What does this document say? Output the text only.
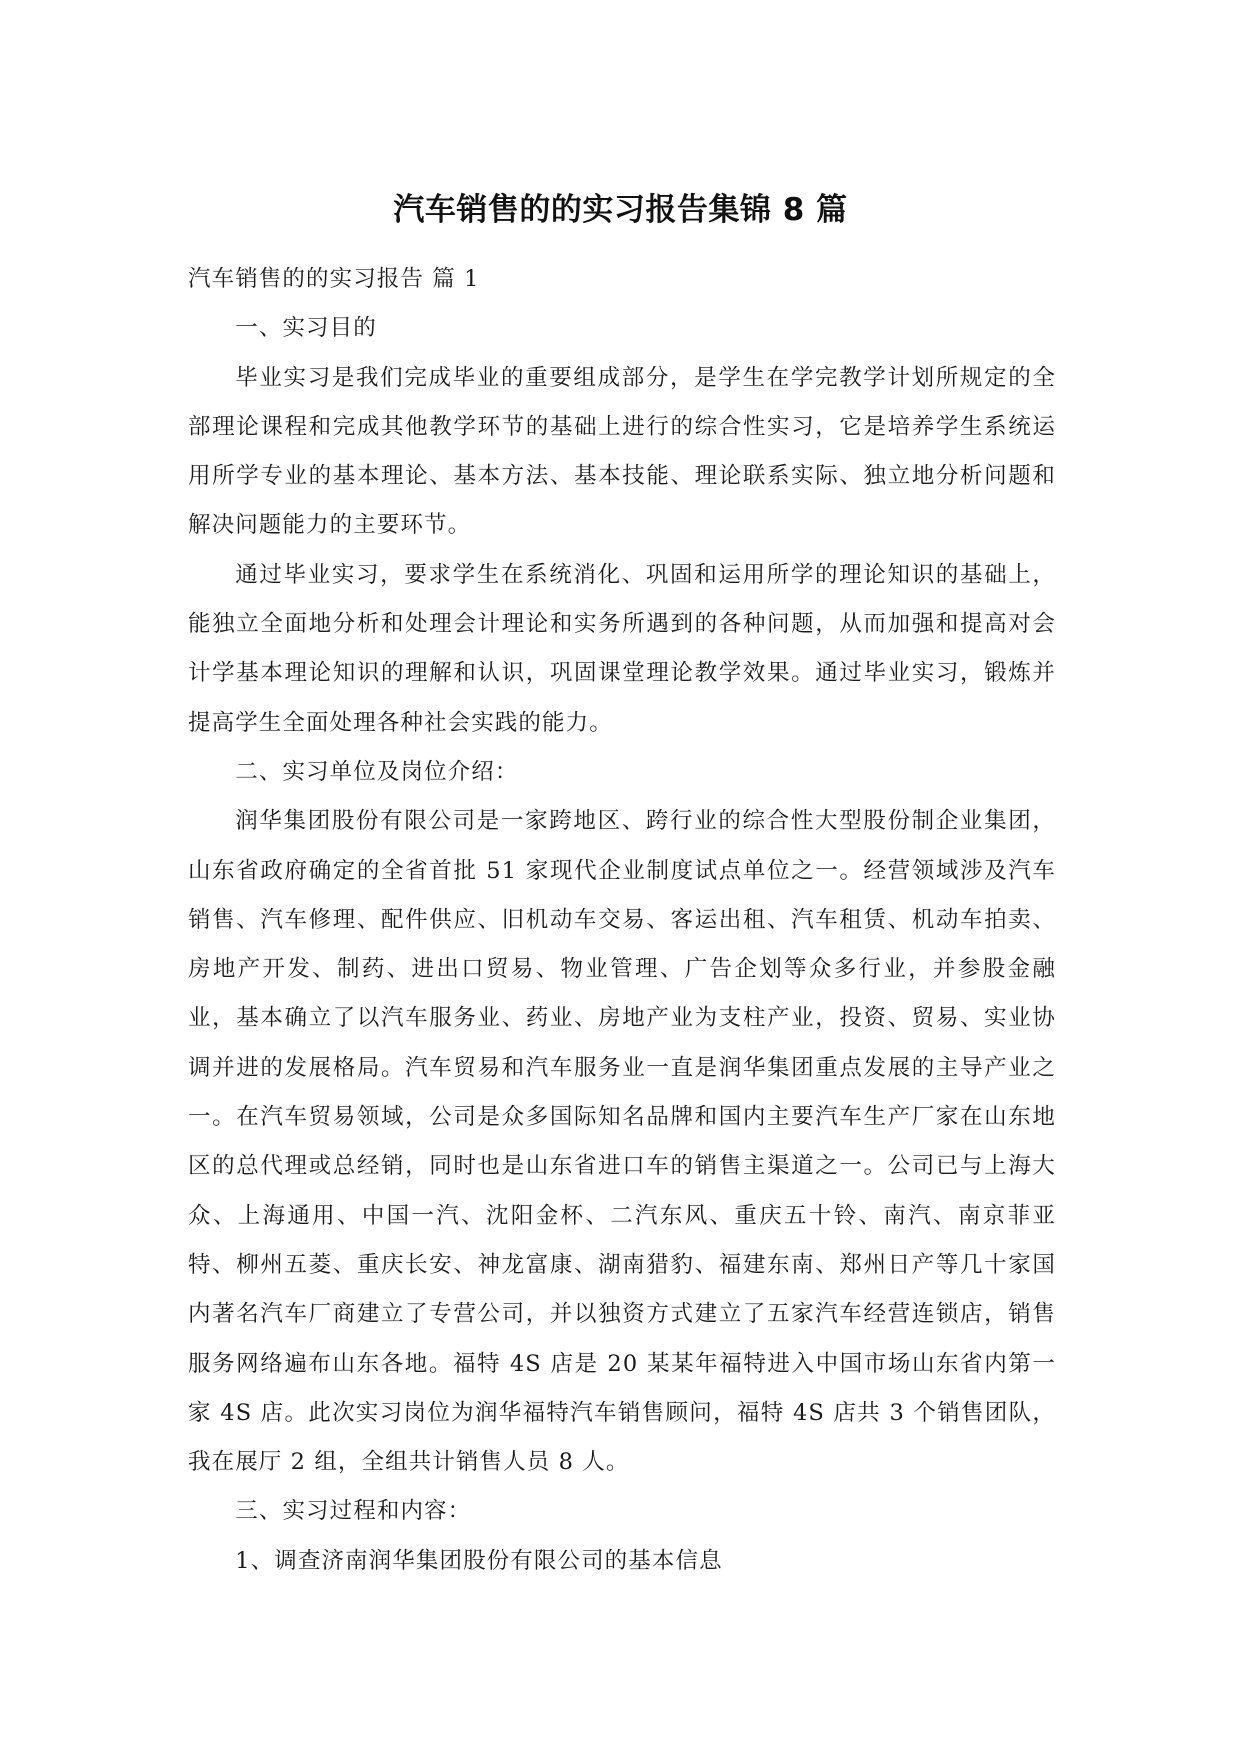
汽车销售的的实习报告集锦 8 篇

汽车销售的的实习报告 篇 1

一、实习目的

毕业实习是我们完成毕业的重要组成部分，是学生在学完教学计划所规定的全部理论课程和完成其他教学环节的基础上进行的综合性实习，它是培养学生系统运用所学专业的基本理论、基本方法、基本技能、理论联系实际、独立地分析问题和解决问题能力的主要环节。

通过毕业实习，要求学生在系统消化、巩固和运用所学的理论知识的基础上，能独立全面地分析和处理会计理论和实务所遇到的各种问题，从而加强和提高对会计学基本理论知识的理解和认识，巩固课堂理论教学效果。通过毕业实习，锻炼并提高学生全面处理各种社会实践的能力。

二、实习单位及岗位介绍：

润华集团股份有限公司是一家跨地区、跨行业的综合性大型股份制企业集团，山东省政府确定的全省首批 51 家现代企业制度试点单位之一。经营领域涉及汽车销售、汽车修理、配件供应、旧机动车交易、客运出租、汽车租赁、机动车拍卖、房地产开发、制药、进出口贸易、物业管理、广告企划等众多行业，并参股金融业，基本确立了以汽车服务业、药业、房地产业为支柱产业，投资、贸易、实业协调并进的发展格局。汽车贸易和汽车服务业一直是润华集团重点发展的主导产业之一。在汽车贸易领域，公司是众多国际知名品牌和国内主要汽车生产厂家在山东地区的总代理或总经销，同时也是山东省进口车的销售主渠道之一。公司已与上海大众、上海通用、中国一汽、沈阳金杯、二汽东风、重庆五十铃、南汽、南京菲亚特、柳州五菱、重庆长安、神龙富康、湖南猎豹、福建东南、郑州日产等几十家国内著名汽车厂商建立了专营公司，并以独资方式建立了五家汽车经营连锁店，销售服务网络遍布山东各地。福特 4S 店是 20 某某年福特进入中国市场山东省内第一家 4S 店。此次实习岗位为润华福特汽车销售顾问，福特 4S 店共 3 个销售团队，我在展厅 2 组，全组共计销售人员 8 人。

三、实习过程和内容：

1、调查济南润华集团股份有限公司的基本信息
